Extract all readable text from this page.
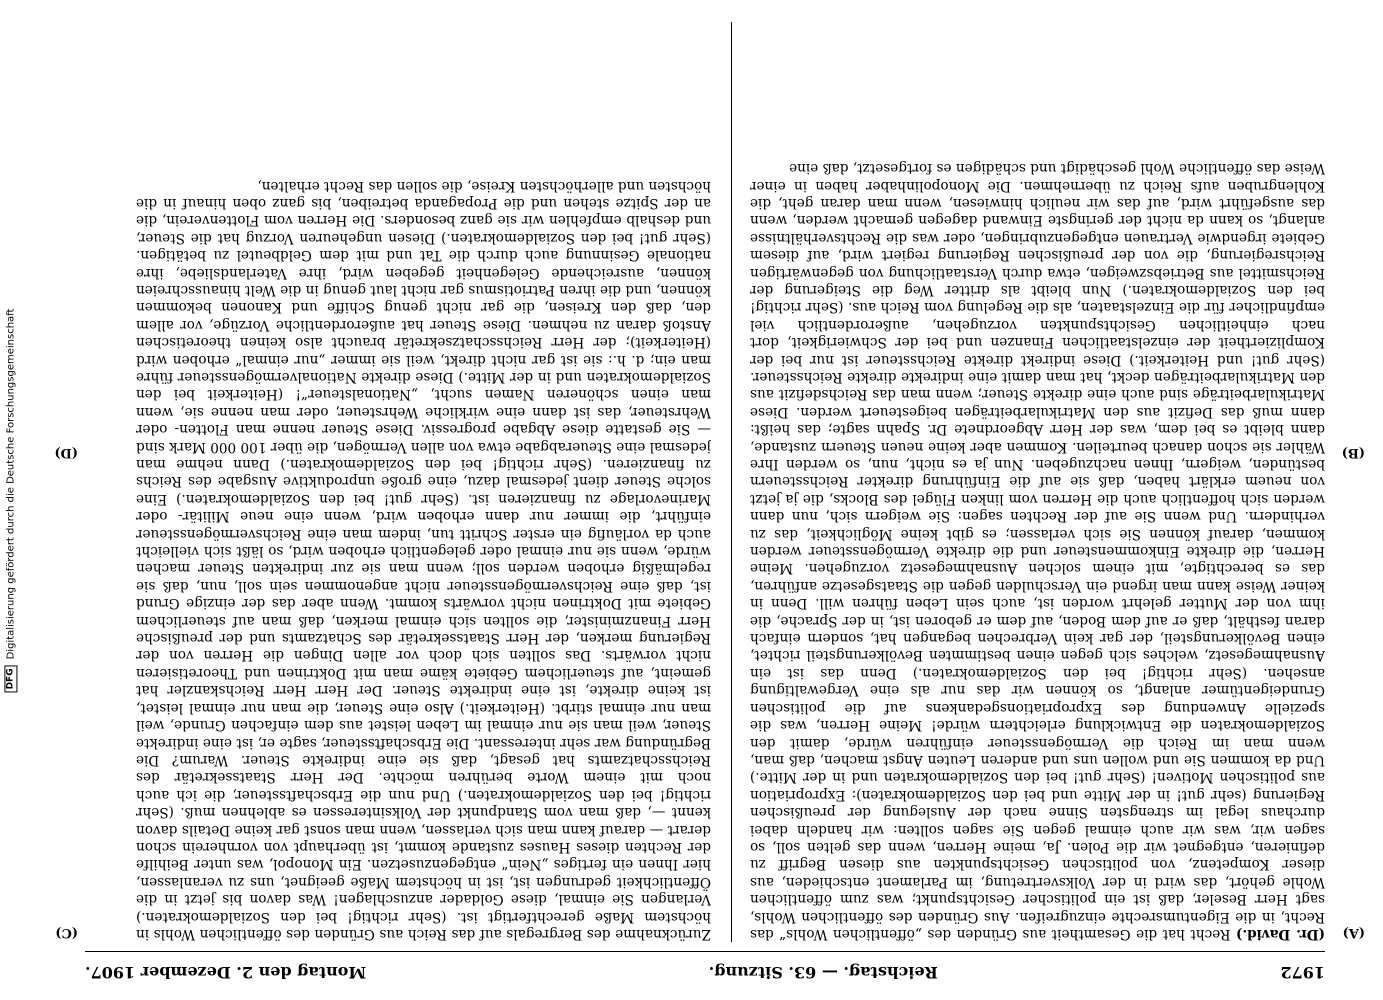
DFG
Digitalisierung gefördert durch die Deutsche Forschungsgemeinschaft
1972
Reichstag. — 63. Sitzung.
Montag den 2. Dezember 1907.
(A)
(B)
(C)
(D)

(Dr. David.) Recht hat die Gesamtheit aus Gründen des „öffentlichen Wohls“ das Recht, in die Eigentumsrechte einzugreifen. Aus Gründen des öffentlichen Wohls, sagt Herr Beseler, daß ist ein politischer Gesichtspunkt; was zum öffentlichen Wohle gehört, das wird in der Volksvertretung, im Parlament entschieden, aus dieser Kompetenz, von politischen Gesichtspunkten aus diesen Begriff zu definieren, entgegnet wir die Polen. Ja, meine Herren, wenn das gelten soll, so sagen wir, was wir auch einmal gegen Sie sagen sollten: wir handeln dabei durchaus legal im strengsten Sinne nach der Auslegung der preußischen Regierung (sehr gut! in der Mitte und bei den Sozialdemokraten): Expropriation aus politischen Motiven! (Sehr gut! bei den Sozialdemokraten und in der Mitte.) Und da kommen Sie und wollen uns und anderen Leuten Angst machen, daß man, wenn man im Reich die Vermögenssteuer einführen würde, damit den Sozialdemokraten die Entwicklung erleichtern würde! Meine Herren, was die spezielle Anwendung des Expropriationsgedankens auf die politischen Grundeigentümer anlangt, so können wir das nur als eine Vergewaltigung ansehen. (Sehr richtig! bei den Sozialdemokraten.) Denn das ist ein Ausnahmegesetz, welches sich gegen einen bestimmten Bevölkerungsteil richtet, einen Bevölkerungsteil, der gar kein Verbrechen begangen hat, sondern einfach daran festhält, daß er auf dem Boden, auf dem er geboren ist, in der Sprache, die ihm von der Mutter gelehrt worden ist, auch sein Leben führen will. Denn in keiner Weise kann man irgend ein Verschulden gegen die Staatsgesetze anführen, das es berechtigte, mit einem solchen Ausnahmegesetz vorzugehen. Meine Herren, die direkte Einkommensteuer und die direkte Vermögenssteuer werden kommen, darauf können Sie sich verlassen; es gibt keine Möglichkeit, das zu verhindern. Und wenn Sie auf der Rechten sagen: Sie weigern sich, nun dann werden sich hoffentlich auch die Herren vom linken Flügel des Blocks, die ja jetzt von neuem erklärt haben, daß sie auf die Einführung direkter Reichssteuern bestünden, weigern, Ihnen nachzugeben. Nun ja es nicht, nun, so werden Ihre Wähler sie schon danach beurteilen. Kommen aber keine neuen Steuern zustande, dann bleibt es bei dem, was der Herr Abgeordnete Dr. Spahn sagte; das heißt: dann muß das Defizit aus den Matrikularbeiträgen beigesteuert werden. Diese Matrikularbeiträge sind auch eine direkte Steuer; wenn man das Reichsdefizit aus den Matrikularbeiträgen deckt, hat man damit eine indirekte direkte Reichssteuer. (Sehr gut! und Heiterkeit.) Diese indirekt direkte Reichssteuer ist nur bei der Kompliziertheit der einzelstaatlichen Finanzen und bei der Schwierigkeit, dort nach einheitlichen Gesichtspunkten vorzugehen, außerordentlich viel empfindlicher für die Einzelstaaten, als die Regelung vom Reich aus. (Sehr richtig! bei den Sozialdemokraten.) Nun bleibt als dritter Weg die Steigerung der Reichsmittel aus Betriebszweigen, etwa durch Verstaatlichung von gegenwärtigen Reichsregierung, die von der preußischen Regierung regiert wird, auf diesem Gebiete irgendwie Vertrauen entgegenzubringen, oder was die Rechtsverhältnisse anlangt, so kann da nicht der geringste Einwand dagegen gemacht werden, wenn das ausgeführt wird, auf das wir neulich hinwiesen, wenn man daran geht, die Kohlengruben aufs Reich zu übernehmen. Die Monopolinhaber haben in einer Weise das öffentliche Wohl geschädigt und schädigen es fortgesetzt, daß eine

Zurücknahme des Bergregals auf das Reich aus Gründen des öffentlichen Wohls in höchstem Maße gerechtfertigt ist. (Sehr richtig! bei den Sozialdemokraten.) Verlangen Sie einmal, diese Goldader anzuschlagen! Was davon bis jetzt in die Öffentlichkeit gedrungen ist, ist in höchstem Maße geeignet, uns zu veranlassen, hier Ihnen ein fertiges „Nein“ entgegenzusetzen. Ein Monopol, was unter Beihilfe der Rechten dieses Hauses zustande kommt, ist überhaupt von vornherein schon derart — darauf kann man sich verlassen, wenn man sonst gar keine Details davon kennt —, daß man vom Standpunkt der Volksinteressen es ablehnen muß. (Sehr richtig! bei den Sozialdemokraten.) Und nun die Erbschaftssteuer, die ich auch noch mit einem Worte berühren möchte. Der Herr Staatssekretär des Reichsschatzamts hat gesagt, daß sie eine indirekte Steuer. Warum? Die Begründung war sehr interessant. Die Erbschaftssteuer, sagte er, ist eine indirekte Steuer, weil man sie nur einmal im Leben leistet aus dem einfachen Grunde, weil man nur einmal stirbt. (Heiterkeit.) Also eine Steuer, die man nur einmal leistet, ist keine direkte, ist eine indirekte Steuer. Der Herr Herr Reichskanzler hat gemeint, auf steuerlichem Gebiete käme man mit Doktrinen und Theoretisieren nicht vorwärts. Das sollten sich doch vor allen Dingen die Herren von der Regierung merken, der Herr Staatssekretär des Schatzamts und der preußische Herr Finanzminister, die sollten sich einmal merken, daß man auf steuerlichem Gebiete mit Doktrinen nicht vorwärts kommt. Wenn aber das der einzige Grund ist, daß eine Reichsvermögenssteuer nicht angenommen sein soll, nun, daß sie regelmäßig erhoben werden soll; wenn man sie zur indirekten Steuer machen würde, wenn sie nur einmal oder gelegentlich erhoben wird, so läßt sich vielleicht auch da vorläufig ein erster Schritt tun, indem man eine Reichsvermögenssteuer einführt, die immer nur dann erhoben wird, wenn eine neue Militär- oder Marinevorlage zu finanzieren ist. (Sehr gut! bei den Sozialdemokraten.) Eine solche Steuer dient jedesmal dazu, eine große unproduktive Ausgabe des Reichs zu finanzieren. (Sehr richtig! bei den Sozialdemokraten.) Dann nehme man jedesmal eine Steuerabgabe etwa von allen Vermögen, die über 100 000 Mark sind — Sie gestatte diese Abgabe progressiv. Diese Steuer nenne man Flotten- oder Wehrsteuer, das ist dann eine wirkliche Wehrsteuer, oder man nenne sie, wenn man einen schöneren Namen sucht, „Nationalsteuer“! (Heiterkeit bei den Sozialdemokraten und in der Mitte.) Diese direkte Nationalvermögenssteuer führe man ein; d. h.: sie ist gar nicht direkt, weil sie immer „nur einmal“ erhoben wird (Heiterkeit); der Herr Reichsschatzsekretär braucht also keinen theoretischen Anstoß daran zu nehmen. Diese Steuer hat außerordentliche Vorzüge, vor allem den, daß den Kreisen, die gar nicht genug Schiffe und Kanonen bekommen können, und die ihren Patriotismus gar nicht laut genug in die Welt hinausschreien können, ausreichende Gelegenheit gegeben wird, ihre Vaterlandsliebe, ihre nationale Gesinnung auch durch die Tat und mit dem Geldbeutel zu betätigen. (Sehr gut! bei den Sozialdemokraten.) Diesen ungeheuren Vorzug hat die Steuer, und deshalb empfehlen wir sie ganz besonders. Die Herren vom Flottenverein, die an der Spitze stehen und die Propaganda betreiben, bis ganz oben hinauf in die höchsten und allerhöchsten Kreise, die sollen das Recht erhalten,
